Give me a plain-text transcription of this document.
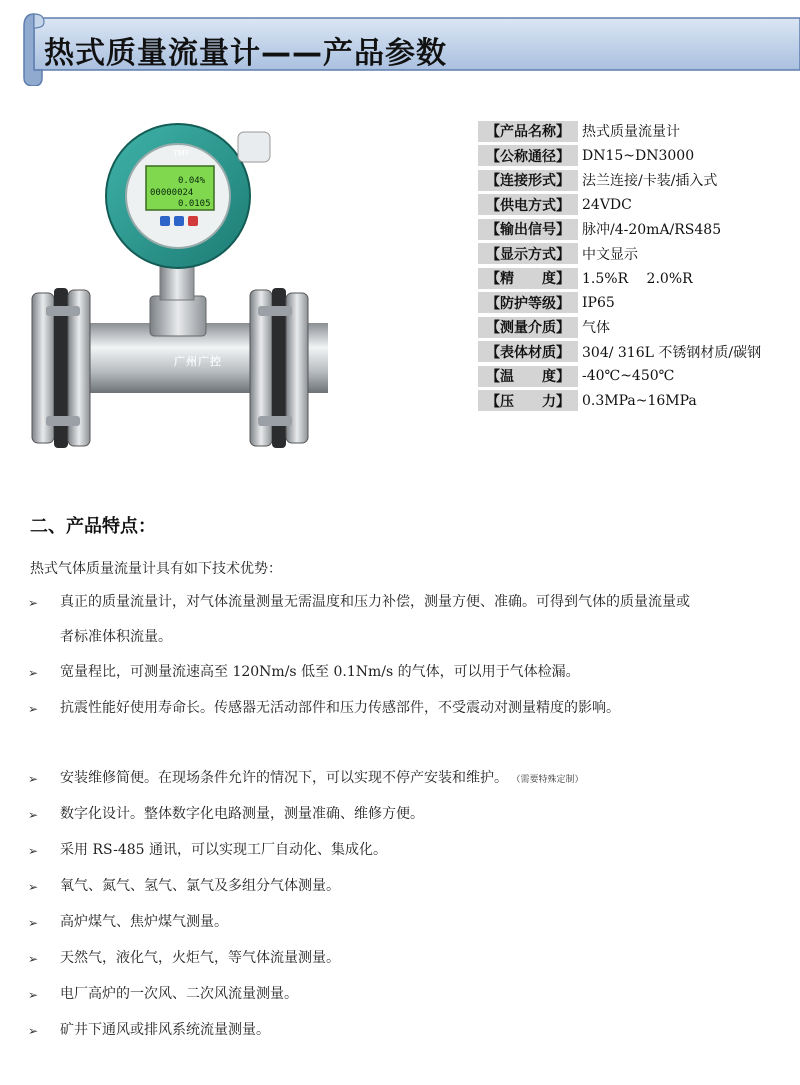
热式质量流量计——产品参数
TMF
0.04%
00000024
0.0105
广州广控
【产品名称】 热式质量流量计
【公称通径】 DN15~DN3000
【连接形式】 法兰连接/卡装/插入式
【供电方式】 24VDC
【输出信号】 脉冲/4-20mA/RS485
【显示方式】 中文显示
【精　　度】 1.5%R　 2.0%R
【防护等级】 IP65
【测量介质】 气体
【表体材质】 304/ 316L 不锈钢材质/碳钢
【温　　度】 -40℃~450℃
【压　　力】 0.3MPa~16MPa
二、产品特点：
热式气体质量流量计具有如下技术优势：
➢	真正的质量流量计，对气体流量测量无需温度和压力补偿，测量方便、准确。可得到气体的质量流量或者标准体积流量。
➢	宽量程比，可测量流速高至 120Nm/s 低至 0.1Nm/s 的气体，可以用于气体检漏。
➢	抗震性能好使用寿命长。传感器无活动部件和压力传感部件，不受震动对测量精度的影响。
➢	安装维修简便。在现场条件允许的情况下，可以实现不停产安装和维护。 （需要特殊定制）
➢	数字化设计。整体数字化电路测量，测量准确、维修方便。
➢	采用 RS-485 通讯，可以实现工厂自动化、集成化。
➢	氧气、氮气、氢气、氯气及多组分气体测量。
➢	高炉煤气、焦炉煤气测量。
➢	天然气，液化气，火炬气，等气体流量测量。
➢	电厂高炉的一次风、二次风流量测量。
➢	矿井下通风或排风系统流量测量。
